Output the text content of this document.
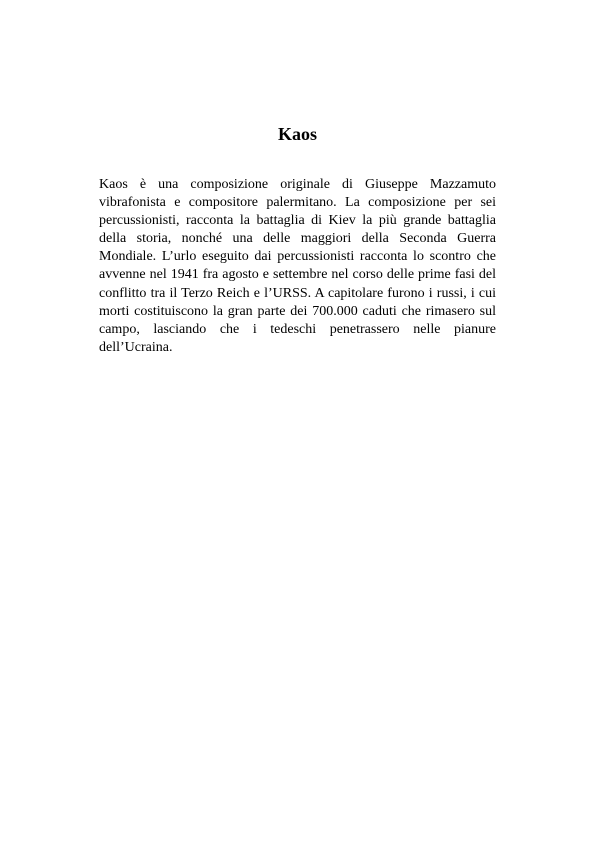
Kaos

Kaos è una composizione originale di Giuseppe Mazzamuto vibrafonista e compositore palermitano. La composizione per sei percussionisti, racconta la battaglia di Kiev la più grande battaglia della storia, nonché una delle maggiori della Seconda Guerra Mondiale. L’urlo eseguito dai percussionisti racconta lo scontro che avvenne nel 1941 fra agosto e settembre nel corso delle prime fasi del conflitto tra il Terzo Reich e l’URSS. A capitolare furono i russi, i cui morti costituiscono la gran parte dei 700.000 caduti che rimasero sul campo, lasciando che i tedeschi penetrassero nelle pianure dell’Ucraina.
